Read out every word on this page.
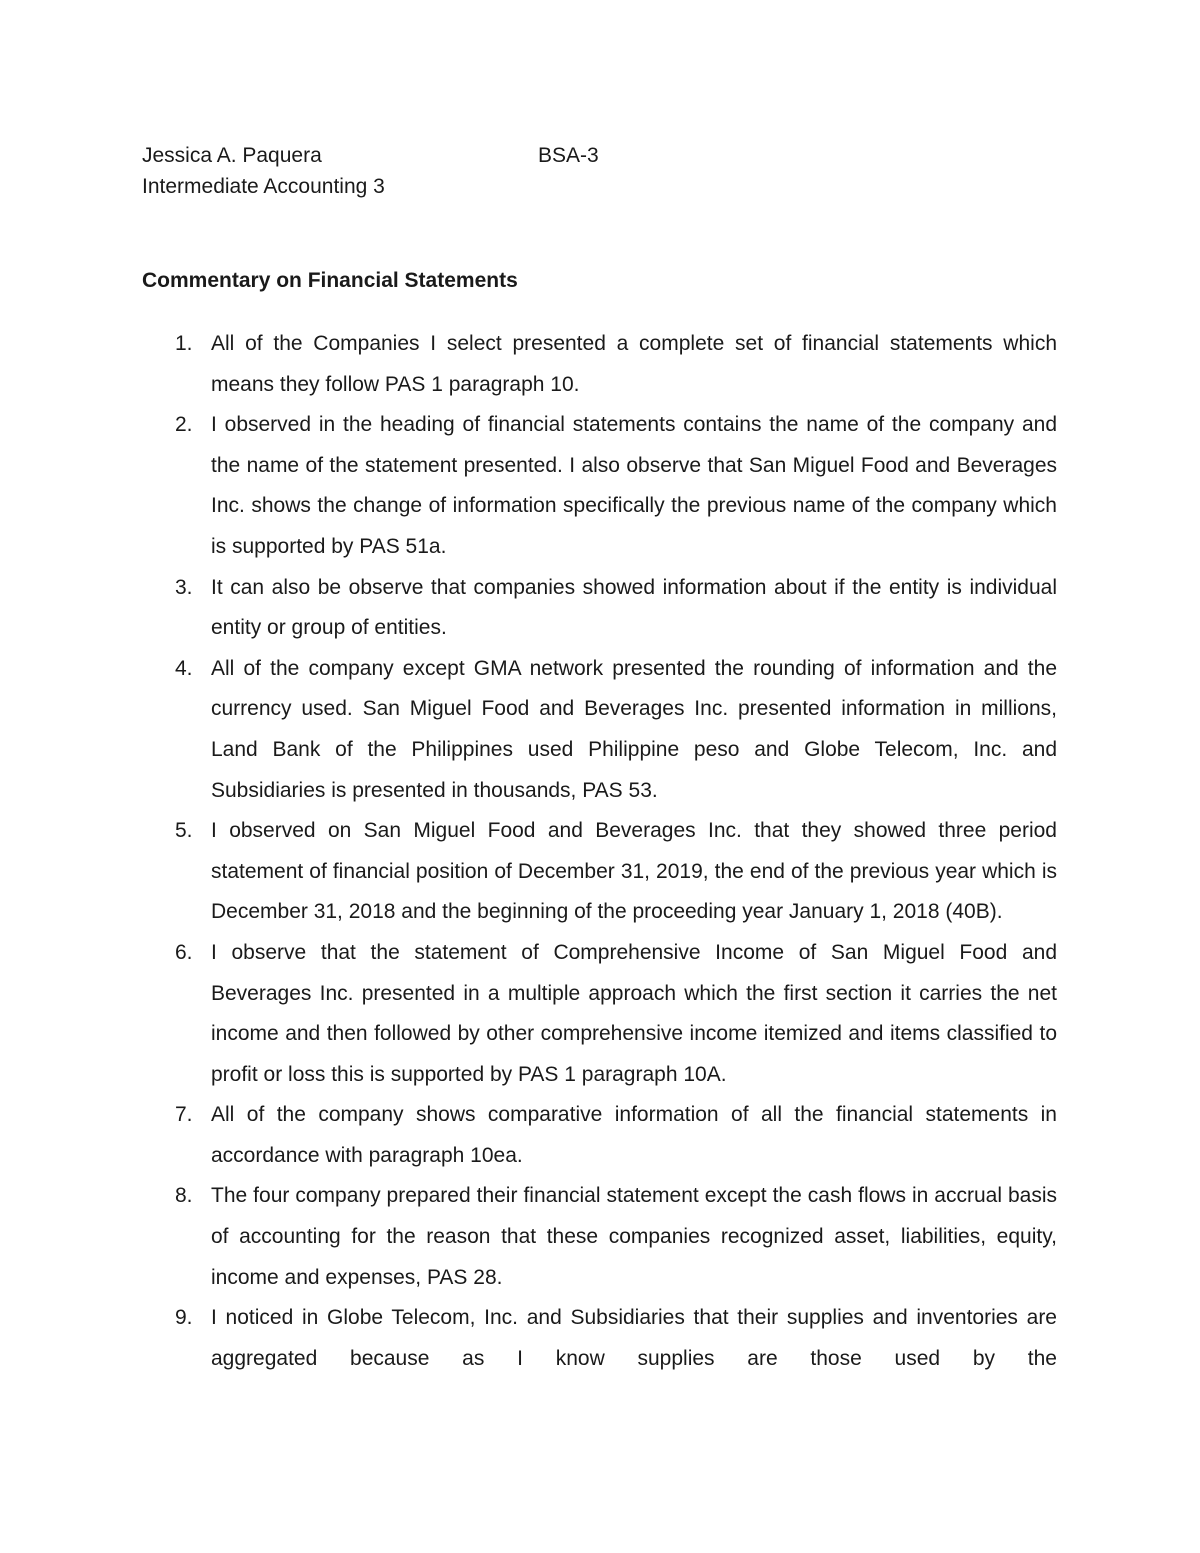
Jessica A. Paquera	BSA-3
Intermediate Accounting 3
Commentary on Financial Statements
1. All of the Companies I select presented a complete set of financial statements which means they follow PAS 1 paragraph 10.
2. I observed in the heading of financial statements contains the name of the company and the name of the statement presented. I also observe that San Miguel Food and Beverages Inc. shows the change of information specifically the previous name of the company which is supported by PAS 51a.
3. It can also be observe that companies showed information about if the entity is individual entity or group of entities.
4. All of the company except GMA network presented the rounding of information and the currency used. San Miguel Food and Beverages Inc. presented information in millions, Land Bank of the Philippines used Philippine peso and Globe Telecom, Inc. and Subsidiaries is presented in thousands, PAS 53.
5. I observed on San Miguel Food and Beverages Inc. that they showed three period statement of financial position of December 31, 2019, the end of the previous year which is December 31, 2018 and the beginning of the proceeding year January 1, 2018 (40B).
6. I observe that the statement of Comprehensive Income of San Miguel Food and Beverages Inc. presented in a multiple approach which the first section it carries the net income and then followed by other comprehensive income itemized and items classified to profit or loss this is supported by PAS 1 paragraph 10A.
7. All of the company shows comparative information of all the financial statements in accordance with paragraph 10ea.
8. The four company prepared their financial statement except the cash flows in accrual basis of accounting for the reason that these companies recognized asset, liabilities, equity, income and expenses, PAS 28.
9. I noticed in Globe Telecom, Inc. and Subsidiaries that their supplies and inventories are aggregated because as I know supplies are those used by the
